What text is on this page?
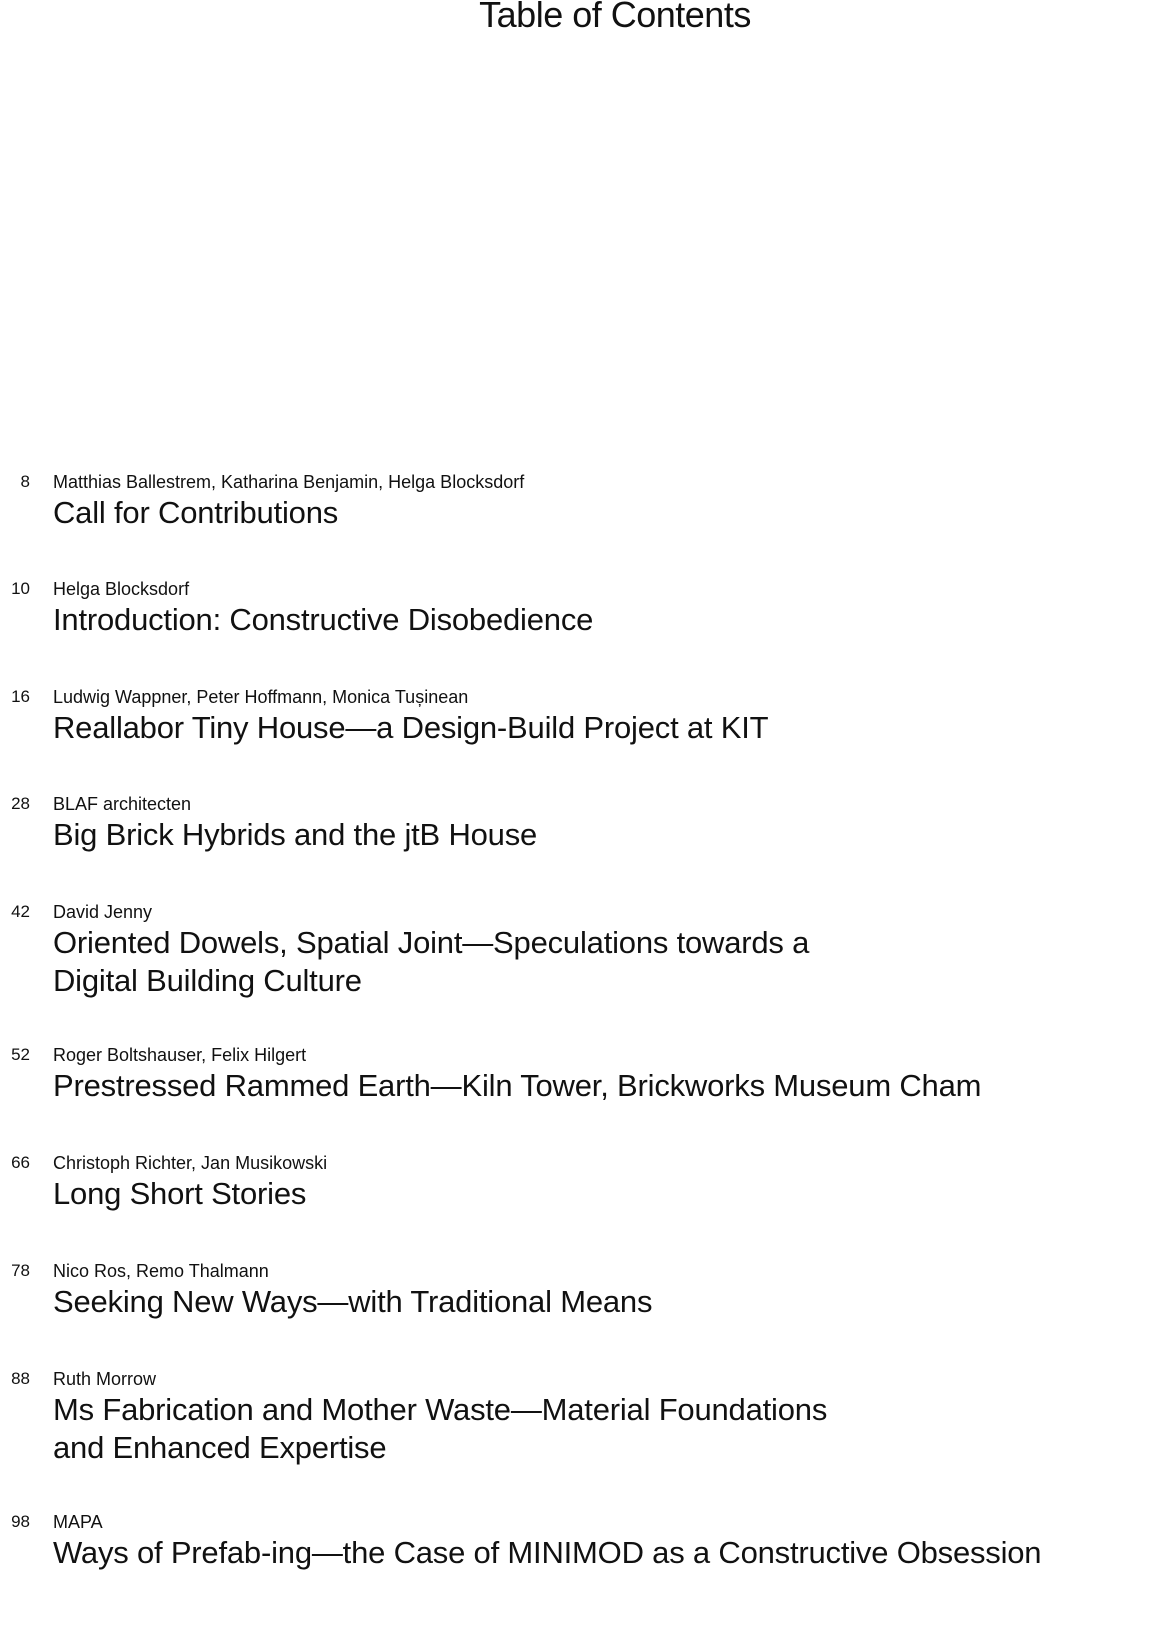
Table of Contents
8 Matthias Ballestrem, Katharina Benjamin, Helga Blocksdorf
Call for Contributions
10 Helga Blocksdorf
Introduction: Constructive Disobedience
16 Ludwig Wappner, Peter Hoffmann, Monica Tușinean
Reallabor Tiny House—a Design-Build Project at KIT
28 BLAF architecten
Big Brick Hybrids and the jtB House
42 David Jenny
Oriented Dowels, Spatial Joint—Speculations towards a
Digital Building Culture
52 Roger Boltshauser, Felix Hilgert
Prestressed Rammed Earth—Kiln Tower, Brickworks Museum Cham
66 Christoph Richter, Jan Musikowski
Long Short Stories
78 Nico Ros, Remo Thalmann
Seeking New Ways—with Traditional Means
88 Ruth Morrow
Ms Fabrication and Mother Waste—Material Foundations
and Enhanced Expertise
98 MAPA
Ways of Prefab-ing—the Case of MINIMOD as a Constructive Obsession
